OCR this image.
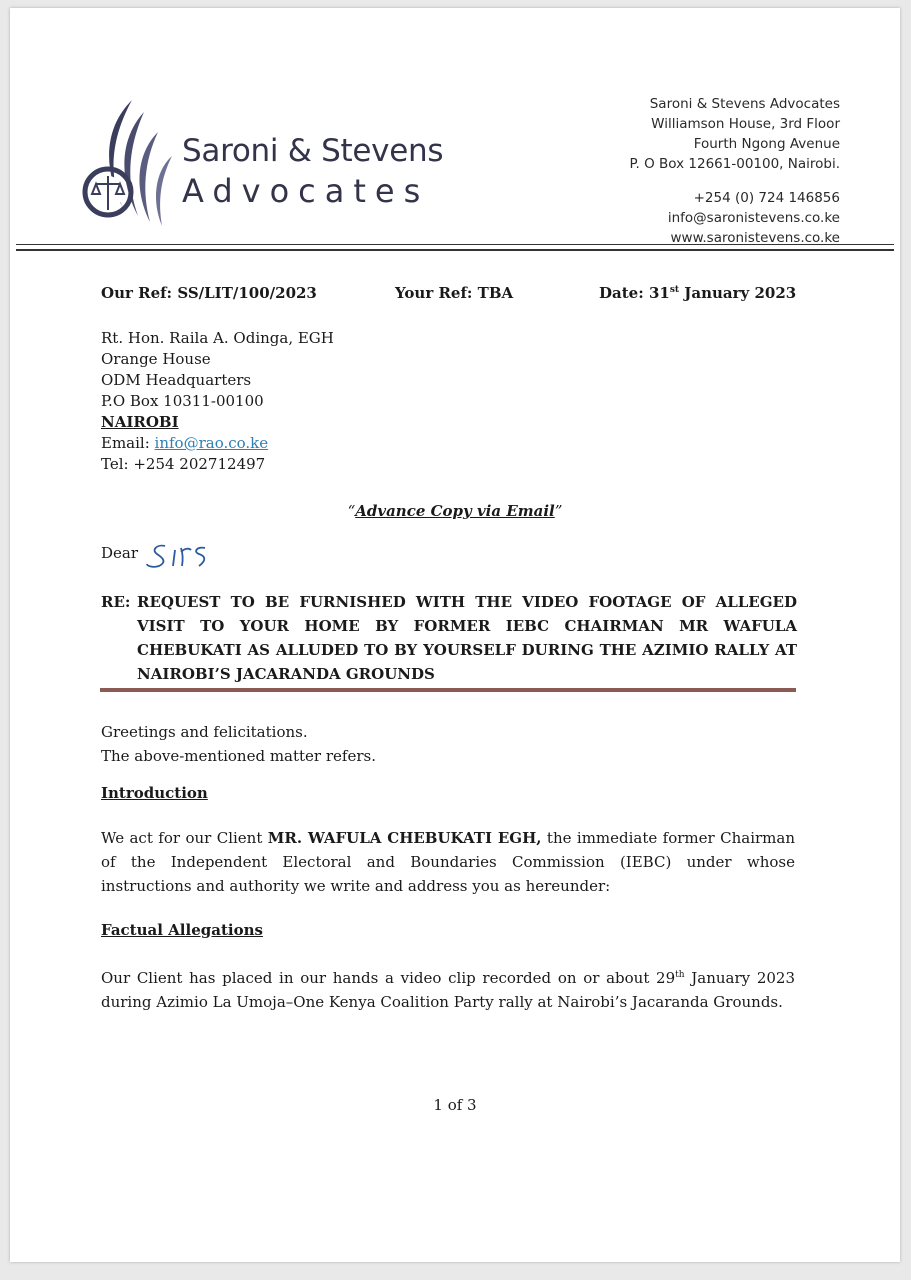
Saroni & Stevens
Advocates
Saroni & Stevens Advocates
Williamson House, 3rd Floor
Fourth Ngong Avenue
P. O Box 12661-00100, Nairobi.
+254 (0) 724 146856
info@saronistevens.co.ke
www.saronistevens.co.ke
Our Ref: SS/LIT/100/2023	Your Ref: TBA	Date: 31st January 2023
Rt. Hon. Raila A. Odinga, EGH
Orange House
ODM Headquarters
P.O Box 10311-00100
NAIROBI
Email: info@rao.co.ke
Tel: +254 202712497
“Advance Copy via Email”
Dear
RE: REQUEST TO BE FURNISHED WITH THE VIDEO FOOTAGE OF ALLEGED VISIT TO YOUR HOME BY FORMER IEBC CHAIRMAN MR WAFULA CHEBUKATI AS ALLUDED TO BY YOURSELF DURING THE AZIMIO RALLY AT NAIROBI’S JACARANDA GROUNDS
Greetings and felicitations.
The above-mentioned matter refers.
Introduction
We act for our Client MR. WAFULA CHEBUKATI EGH, the immediate former Chairman of the Independent Electoral and Boundaries Commission (IEBC) under whose instructions and authority we write and address you as hereunder:
Factual Allegations
Our Client has placed in our hands a video clip recorded on or about 29th January 2023 during Azimio La Umoja–One Kenya Coalition Party rally at Nairobi’s Jacaranda Grounds.
1 of 3
